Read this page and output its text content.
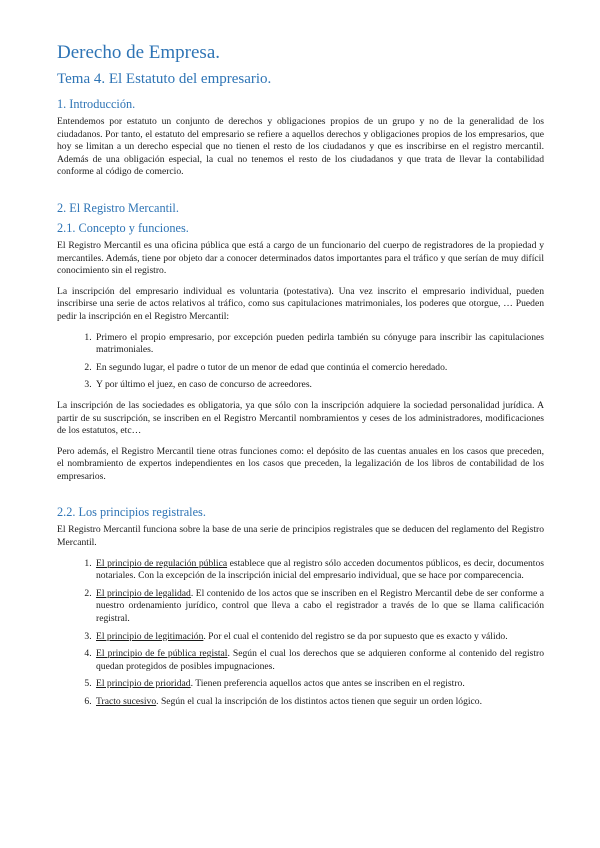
Derecho de Empresa.
Tema 4. El Estatuto del empresario.
1. Introducción.

Entendemos por estatuto un conjunto de derechos y obligaciones propios de un grupo y no de la generalidad de los ciudadanos. Por tanto, el estatuto del empresario se refiere a aquellos derechos y obligaciones propios de los empresarios, que hoy se limitan a un derecho especial que no tienen el resto de los ciudadanos y que es inscribirse en el registro mercantil. Además de una obligación especial, la cual no tenemos el resto de los ciudadanos y que trata de llevar la contabilidad conforme al código de comercio.

2. El Registro Mercantil.
2.1. Concepto y funciones.

El Registro Mercantil es una oficina pública que está a cargo de un funcionario del cuerpo de registradores de la propiedad y mercantiles. Además, tiene por objeto dar a conocer determinados datos importantes para el tráfico y que serían de muy difícil conocimiento sin el registro.

La inscripción del empresario individual es voluntaria (potestativa). Una vez inscrito el empresario individual, pueden inscribirse una serie de actos relativos al tráfico, como sus capitulaciones matrimoniales, los poderes que otorgue, … Pueden pedir la inscripción en el Registro Mercantil:

1. Primero el propio empresario, por excepción pueden pedirla también su cónyuge para inscribir las capitulaciones matrimoniales.
2. En segundo lugar, el padre o tutor de un menor de edad que continúa el comercio heredado.
3. Y por último el juez, en caso de concurso de acreedores.

La inscripción de las sociedades es obligatoria, ya que sólo con la inscripción adquiere la sociedad personalidad jurídica. A partir de su suscripción, se inscriben en el Registro Mercantil nombramientos y ceses de los administradores, modificaciones de los estatutos, etc…

Pero además, el Registro Mercantil tiene otras funciones como: el depósito de las cuentas anuales en los casos que preceden, el nombramiento de expertos independientes en los casos que preceden, la legalización de los libros de contabilidad de los empresarios.

2.2. Los principios registrales.

El Registro Mercantil funciona sobre la base de una serie de principios registrales que se deducen del reglamento del Registro Mercantil.

1. El principio de regulación pública establece que al registro sólo acceden documentos públicos, es decir, documentos notariales. Con la excepción de la inscripción inicial del empresario individual, que se hace por comparecencia.
2. El principio de legalidad. El contenido de los actos que se inscriben en el Registro Mercantil debe de ser conforme a nuestro ordenamiento jurídico, control que lleva a cabo el registrador a través de lo que se llama calificación registral.
3. El principio de legitimación. Por el cual el contenido del registro se da por supuesto que es exacto y válido.
4. El principio de fe pública registal. Según el cual los derechos que se adquieren conforme al contenido del registro quedan protegidos de posibles impugnaciones.
5. El principio de prioridad. Tienen preferencia aquellos actos que antes se inscriben en el registro.
6. Tracto sucesivo. Según el cual la inscripción de los distintos actos tienen que seguir un orden lógico.
